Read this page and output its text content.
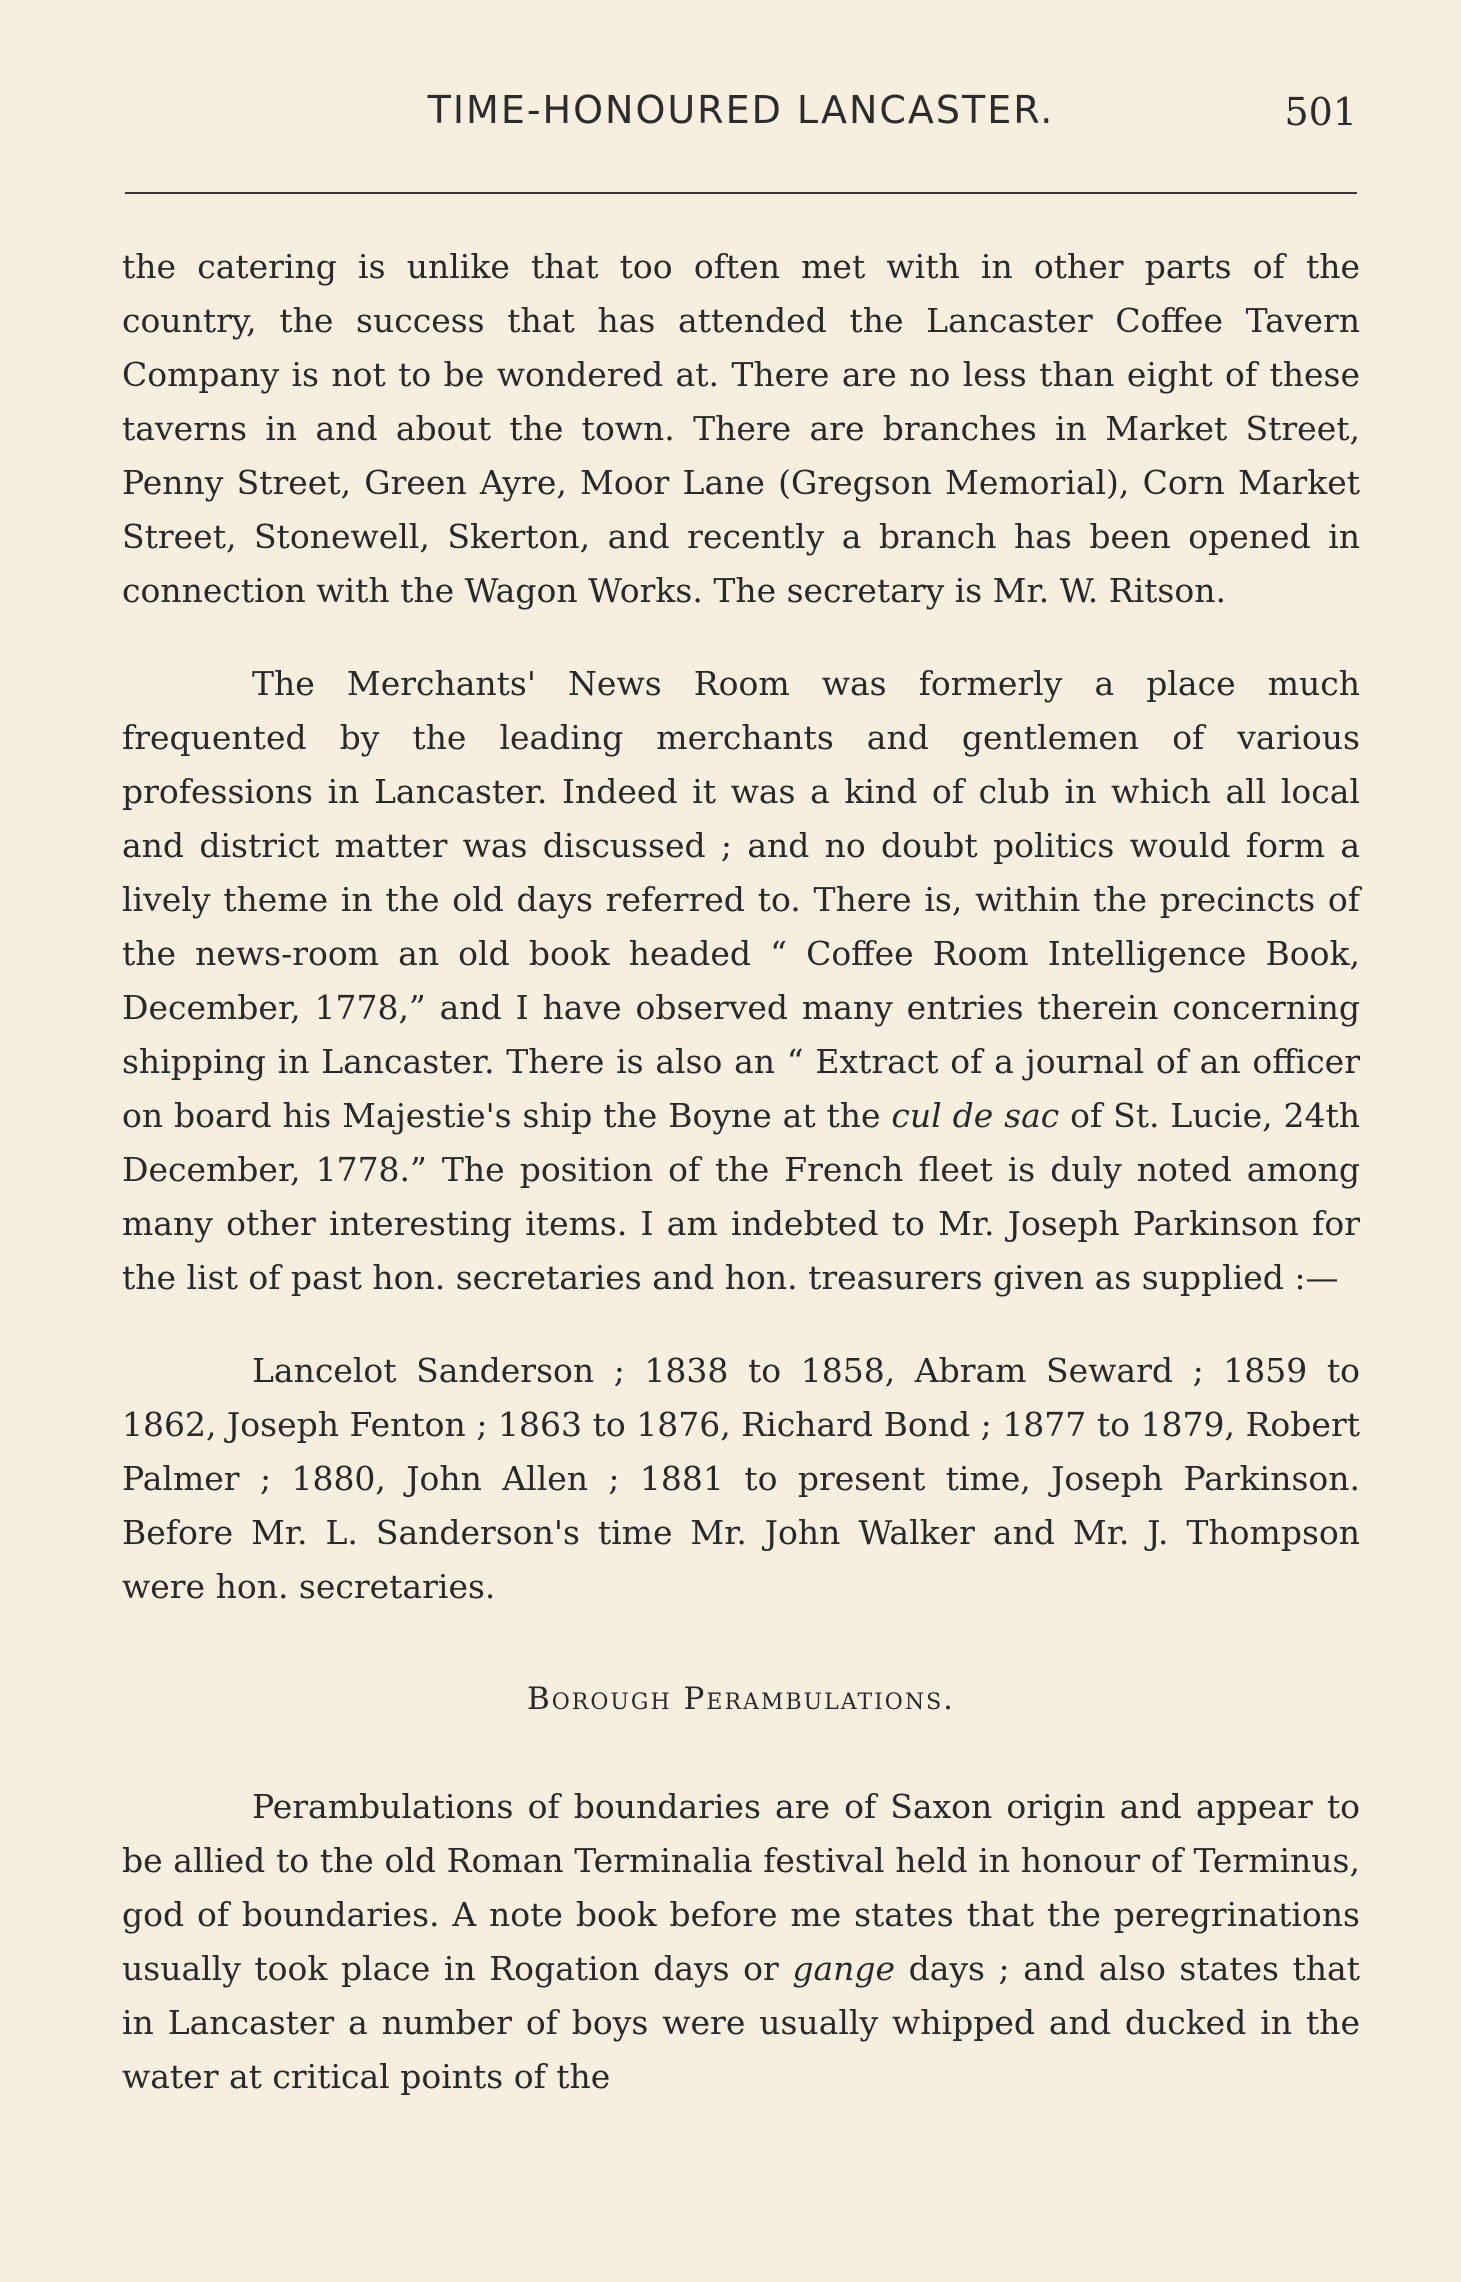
TIME-HONOURED LANCASTER.	501

the catering is unlike that too often met with in other parts of the country, the success that has attended the Lancaster Coffee Tavern Company is not to be wondered at. There are no less than eight of these taverns in and about the town. There are branches in Market Street, Penny Street, Green Ayre, Moor Lane (Gregson Memorial), Corn Market Street, Stonewell, Skerton, and recently a branch has been opened in connection with the Wagon Works. The secretary is Mr. W. Ritson.

The Merchants' News Room was formerly a place much frequented by the leading merchants and gentlemen of various professions in Lancaster. Indeed it was a kind of club in which all local and district matter was discussed ; and no doubt politics would form a lively theme in the old days referred to. There is, within the precincts of the news-room an old book headed “ Coffee Room Intelligence Book, December, 1778,” and I have observed many entries therein concerning shipping in Lancaster. There is also an “ Extract of a journal of an officer on board his Majestie's ship the Boyne at the cul de sac of St. Lucie, 24th December, 1778.” The position of the French fleet is duly noted among many other interesting items. I am indebted to Mr. Joseph Parkinson for the list of past hon. secretaries and hon. treasurers given as supplied :—

Lancelot Sanderson ; 1838 to 1858, Abram Seward ; 1859 to 1862, Joseph Fenton ; 1863 to 1876, Richard Bond ; 1877 to 1879, Robert Palmer ; 1880, John Allen ; 1881 to present time, Joseph Parkinson. Before Mr. L. Sanderson's time Mr. John Walker and Mr. J. Thompson were hon. secretaries.

Borough Perambulations.

Perambulations of boundaries are of Saxon origin and appear to be allied to the old Roman Terminalia festival held in honour of Terminus, god of boundaries. A note book before me states that the peregrinations usually took place in Rogation days or gange days ; and also states that in Lancaster a number of boys were usually whipped and ducked in the water at critical points of the
